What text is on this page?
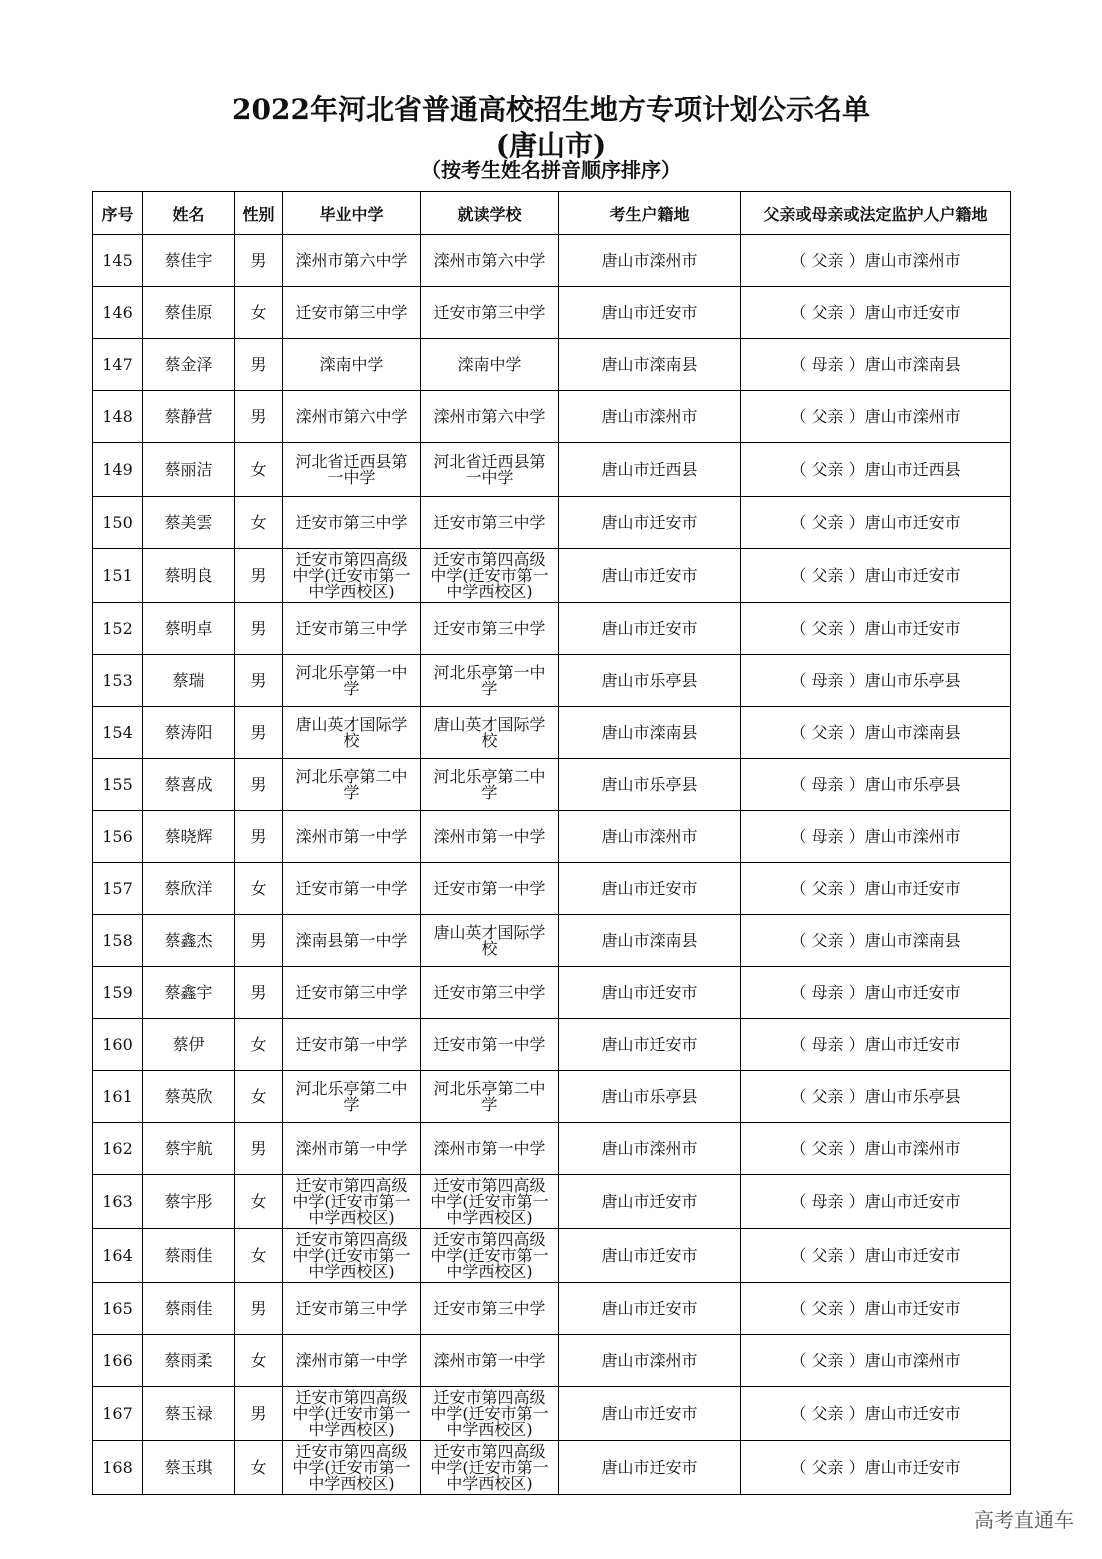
2022年河北省普通高校招生地方专项计划公示名单
(唐山市)
（按考生姓名拼音顺序排序）
序号	姓名	性别	毕业中学	就读学校	考生户籍地	父亲或母亲或法定监护人户籍地
145	蔡佳宇	男	滦州市第六中学	滦州市第六中学	唐山市滦州市	（ 父亲 ）唐山市滦州市
146	蔡佳原	女	迁安市第三中学	迁安市第三中学	唐山市迁安市	（ 父亲 ）唐山市迁安市
147	蔡金泽	男	滦南中学	滦南中学	唐山市滦南县	（ 母亲 ）唐山市滦南县
148	蔡静营	男	滦州市第六中学	滦州市第六中学	唐山市滦州市	（ 父亲 ）唐山市滦州市
149	蔡丽洁	女	河北省迁西县第一中学	河北省迁西县第一中学	唐山市迁西县	（ 父亲 ）唐山市迁西县
150	蔡美雲	女	迁安市第三中学	迁安市第三中学	唐山市迁安市	（ 父亲 ）唐山市迁安市
151	蔡明良	男	迁安市第四高级中学(迁安市第一中学西校区)	迁安市第四高级中学(迁安市第一中学西校区)	唐山市迁安市	（ 父亲 ）唐山市迁安市
152	蔡明卓	男	迁安市第三中学	迁安市第三中学	唐山市迁安市	（ 父亲 ）唐山市迁安市
153	蔡瑞	男	河北乐亭第一中学	河北乐亭第一中学	唐山市乐亭县	（ 母亲 ）唐山市乐亭县
154	蔡涛阳	男	唐山英才国际学校	唐山英才国际学校	唐山市滦南县	（ 父亲 ）唐山市滦南县
155	蔡喜成	男	河北乐亭第二中学	河北乐亭第二中学	唐山市乐亭县	（ 母亲 ）唐山市乐亭县
156	蔡晓辉	男	滦州市第一中学	滦州市第一中学	唐山市滦州市	（ 母亲 ）唐山市滦州市
157	蔡欣洋	女	迁安市第一中学	迁安市第一中学	唐山市迁安市	（ 父亲 ）唐山市迁安市
158	蔡鑫杰	男	滦南县第一中学	唐山英才国际学校	唐山市滦南县	（ 父亲 ）唐山市滦南县
159	蔡鑫宇	男	迁安市第三中学	迁安市第三中学	唐山市迁安市	（ 母亲 ）唐山市迁安市
160	蔡伊	女	迁安市第一中学	迁安市第一中学	唐山市迁安市	（ 母亲 ）唐山市迁安市
161	蔡英欣	女	河北乐亭第二中学	河北乐亭第二中学	唐山市乐亭县	（ 父亲 ）唐山市乐亭县
162	蔡宇航	男	滦州市第一中学	滦州市第一中学	唐山市滦州市	（ 父亲 ）唐山市滦州市
163	蔡宇彤	女	迁安市第四高级中学(迁安市第一中学西校区)	迁安市第四高级中学(迁安市第一中学西校区)	唐山市迁安市	（ 母亲 ）唐山市迁安市
164	蔡雨佳	女	迁安市第四高级中学(迁安市第一中学西校区)	迁安市第四高级中学(迁安市第一中学西校区)	唐山市迁安市	（ 父亲 ）唐山市迁安市
165	蔡雨佳	男	迁安市第三中学	迁安市第三中学	唐山市迁安市	（ 父亲 ）唐山市迁安市
166	蔡雨柔	女	滦州市第一中学	滦州市第一中学	唐山市滦州市	（ 父亲 ）唐山市滦州市
167	蔡玉禄	男	迁安市第四高级中学(迁安市第一中学西校区)	迁安市第四高级中学(迁安市第一中学西校区)	唐山市迁安市	（ 父亲 ）唐山市迁安市
168	蔡玉琪	女	迁安市第四高级中学(迁安市第一中学西校区)	迁安市第四高级中学(迁安市第一中学西校区)	唐山市迁安市	（ 父亲 ）唐山市迁安市
高考直通车
